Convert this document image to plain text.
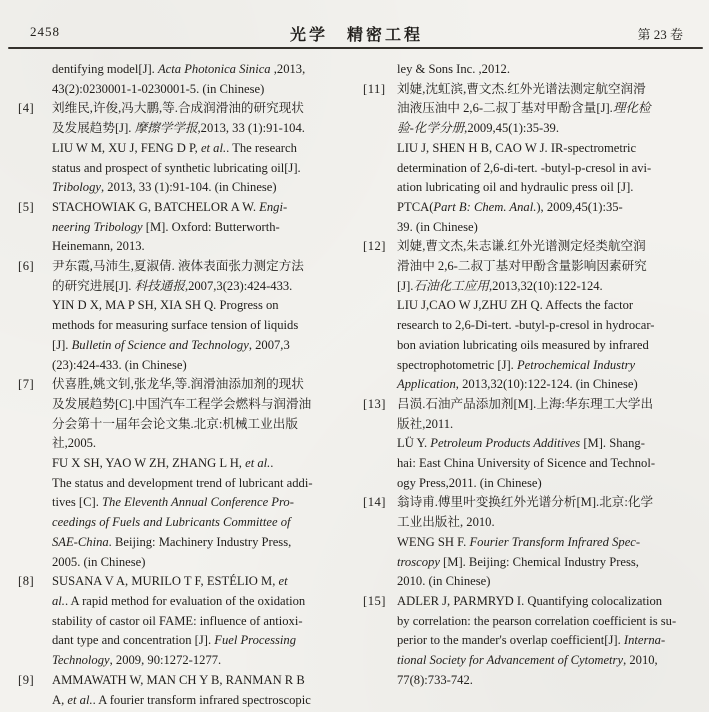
2458	光学　精密工程	第 23 卷
dentifying model[J]. Acta Photonica Sinica ,2013,
43(2):0230001-1-0230001-5. (in Chinese)
[4]	刘维民,许俊,冯大鹏,等.合成润滑油的研究现状
及发展趋势[J]. 摩擦学学报,2013, 33 (1):91-104.
LIU W M, XU J, FENG D P, et al.. The research
status and prospect of synthetic lubricating oil[J].
Tribology, 2013, 33 (1):91-104. (in Chinese)
[5]	STACHOWIAK G, BATCHELOR A W. Engi-
neering Tribology [M]. Oxford: Butterworth-
Heinemann, 2013.
[6]	尹东霞,马沛生,夏淑倩. 液体表面张力测定方法
的研究进展[J]. 科技通报,2007,3(23):424-433.
YIN D X, MA P SH, XIA SH Q. Progress on
methods for measuring surface tension of liquids
[J]. Bulletin of Science and Technology, 2007,3
(23):424-433. (in Chinese)
[7]	伏喜胜,姚文钊,张龙华,等.润滑油添加剂的现状
及发展趋势[C].中国汽车工程学会燃料与润滑油
分会第十一届年会论文集.北京:机械工业出版
社,2005.
FU X SH, YAO W ZH, ZHANG L H, et al..
The status and development trend of lubricant addi-
tives [C]. The Eleventh Annual Conference Pro-
ceedings of Fuels and Lubricants Committee of
SAE-China. Beijing: Machinery Industry Press,
2005. (in Chinese)
[8]	SUSANA V A, MURILO T F, ESTÉLIO M, et
al.. A rapid method for evaluation of the oxidation
stability of castor oil FAME: influence of antioxi-
dant type and concentration [J]. Fuel Processing
Technology, 2009, 90:1272-1277.
[9]	AMMAWATH W, MAN CH Y B, RANMAN R B
A, et al.. A fourier transform infrared spectroscopic
ley & Sons Inc. ,2012.
[11] 刘婕,沈虹滨,曹文杰.红外光谱法测定航空润滑
油液压油中 2,6-二叔丁基对甲酚含量[J].理化检
验-化学分册,2009,45(1):35-39.
LIU J, SHEN H B, CAO W J. IR-spectrometric
determination of 2,6-di-tert. -butyl-p-cresol in avi-
ation lubricating oil and hydraulic press oil [J].
PTCA(Part B: Chem. Anal.), 2009,45(1):35-
39. (in Chinese)
[12] 刘婕,曹文杰,朱志谦.红外光谱测定烃类航空润
滑油中 2,6-二叔丁基对甲酚含量影响因素研究
[J].石油化工应用,2013,32(10):122-124.
LIU J,CAO W J,ZHU ZH Q. Affects the factor
research to 2,6-Di-tert. -butyl-p-cresol in hydrocar-
bon aviation lubricating oils measured by infrared
spectrophotometric [J]. Petrochemical Industry
Application, 2013,32(10):122-124. (in Chinese)
[13] 吕涢.石油产品添加剂[M].上海:华东理工大学出
版社,2011.
LÜ Y. Petroleum Products Additives [M]. Shang-
hai: East China University of Sicence and Technol-
ogy Press,2011. (in Chinese)
[14] 翁诗甫.傅里叶变换红外光谱分析[M].北京:化学
工业出版社, 2010.
WENG SH F. Fourier Transform Infrared Spec-
troscopy [M]. Beijing: Chemical Industry Press,
2010. (in Chinese)
[15] ADLER J, PARMRYD I. Quantifying colocalization
by correlation: the pearson correlation coefficient is su-
perior to the mander's overlap coefficient[J]. Interna-
tional Society for Advancement of Cytometry, 2010,
77(8):733-742.
